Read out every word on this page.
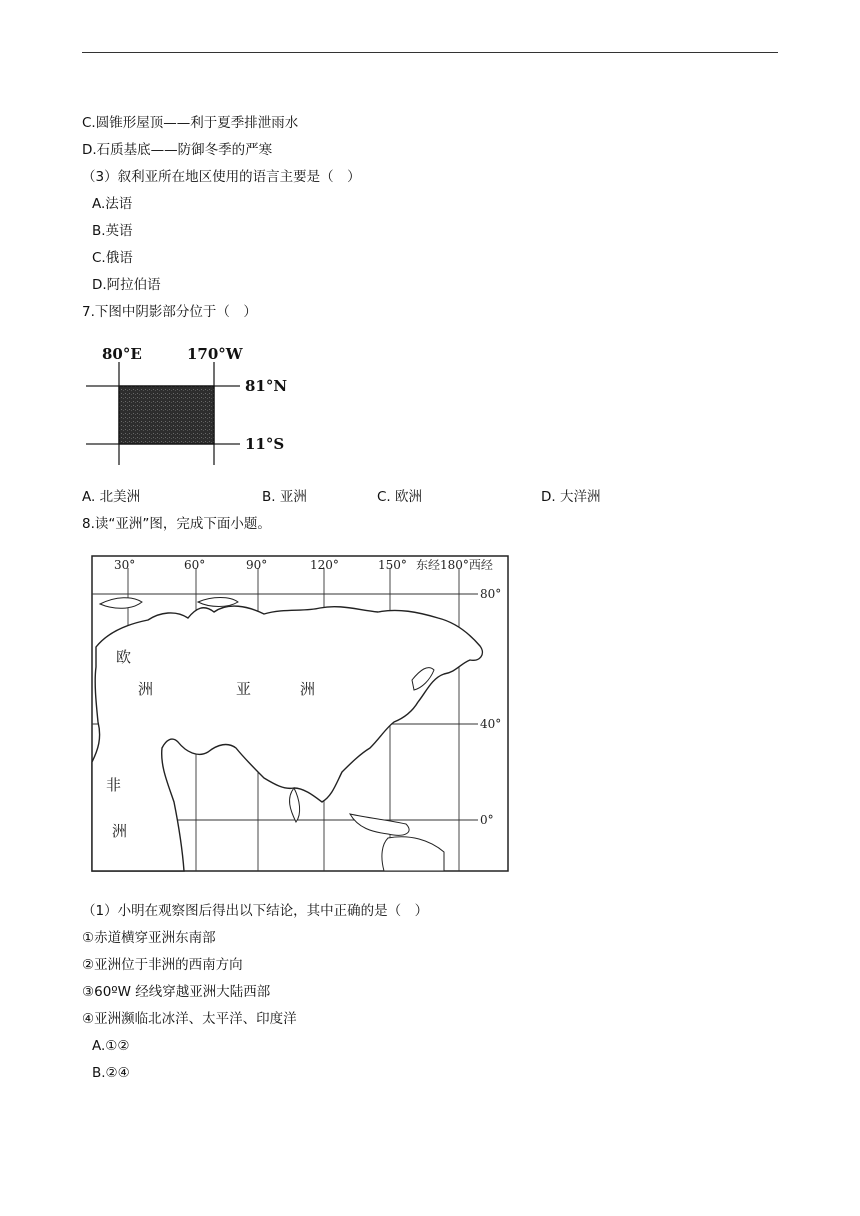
C.圆锥形屋顶——利于夏季排泄雨水
D.石质基底——防御冬季的严寒
（3）叙利亚所在地区使用的语言主要是（　）
A.法语
B.英语
C.俄语
D.阿拉伯语
7.下图中阴影部分位于（　）
80°E	170°W
81°N
11°S
A. 北美洲	B. 亚洲	C. 欧洲	D. 大洋洲
8.读“亚洲”图，完成下面小题。
30°	60°	90°	120°	150° 东经180°西经
80°
40°
0°
欧
洲	亚	洲
非
洲
（1）小明在观察图后得出以下结论，其中正确的是（　）
①赤道横穿亚洲东南部
②亚洲位于非洲的西南方向
③60ºW 经线穿越亚洲大陆西部
④亚洲濒临北冰洋、太平洋、印度洋
A.①②
B.②④
